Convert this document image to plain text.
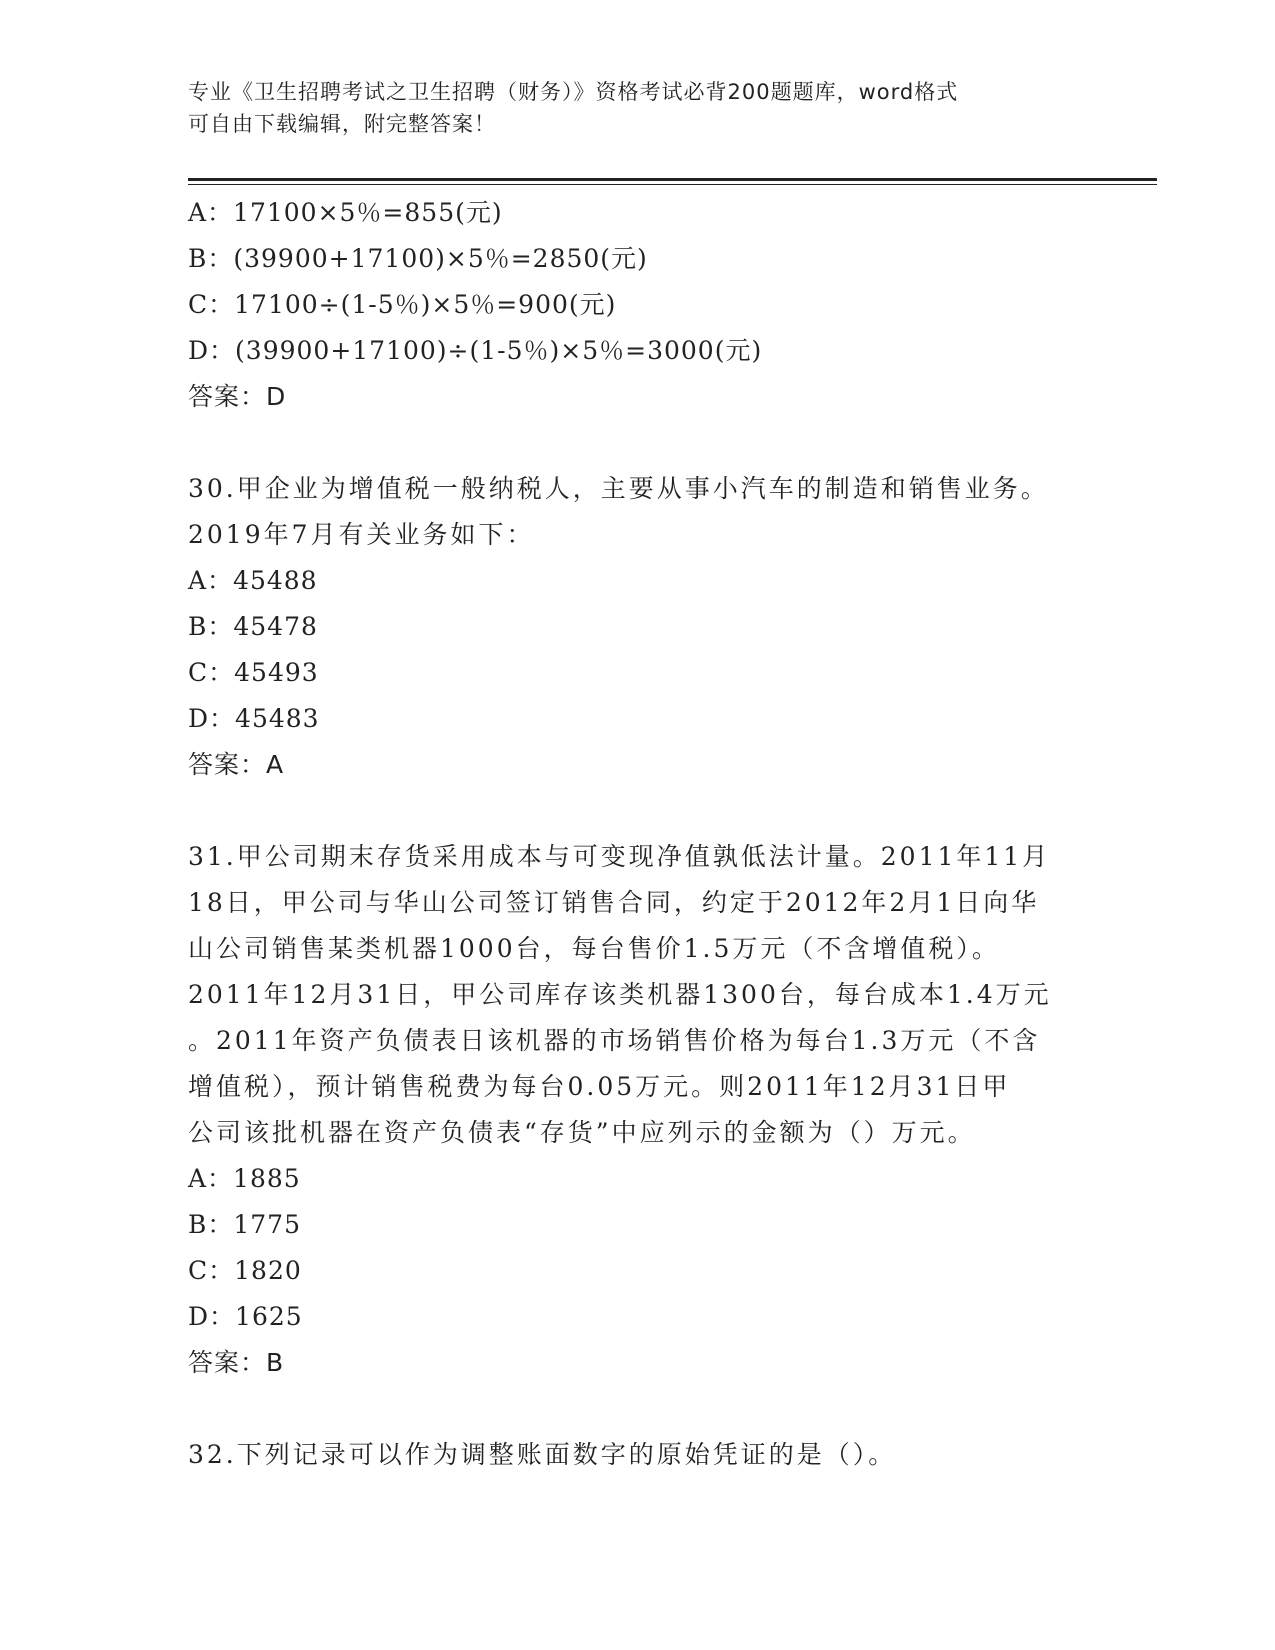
专业《卫生招聘考试之卫生招聘（财务）》资格考试必背200题题库，word格式
可自由下载编辑，附完整答案！
A：17100×5％=855(元)
B：(39900+17100)×5％=2850(元)
C：17100÷(1-5％)×5％=900(元)
D：(39900+17100)÷(1-5％)×5％=3000(元)
答案：D
30.甲企业为增值税一般纳税人，主要从事小汽车的制造和销售业务。
2019年7月有关业务如下：
A：45488
B：45478
C：45493
D：45483
答案：A
31.甲公司期末存货采用成本与可变现净值孰低法计量。2011年11月
18日，甲公司与华山公司签订销售合同，约定于2012年2月1日向华
山公司销售某类机器1000台，每台售价1.5万元（不含增值税）。
2011年12月31日，甲公司库存该类机器1300台，每台成本1.4万元
。2011年资产负债表日该机器的市场销售价格为每台1.3万元（不含
增值税），预计销售税费为每台0.05万元。则2011年12月31日甲
公司该批机器在资产负债表“存货”中应列示的金额为（）万元。
A：1885
B：1775
C：1820
D：1625
答案：B
32.下列记录可以作为调整账面数字的原始凭证的是（）。
